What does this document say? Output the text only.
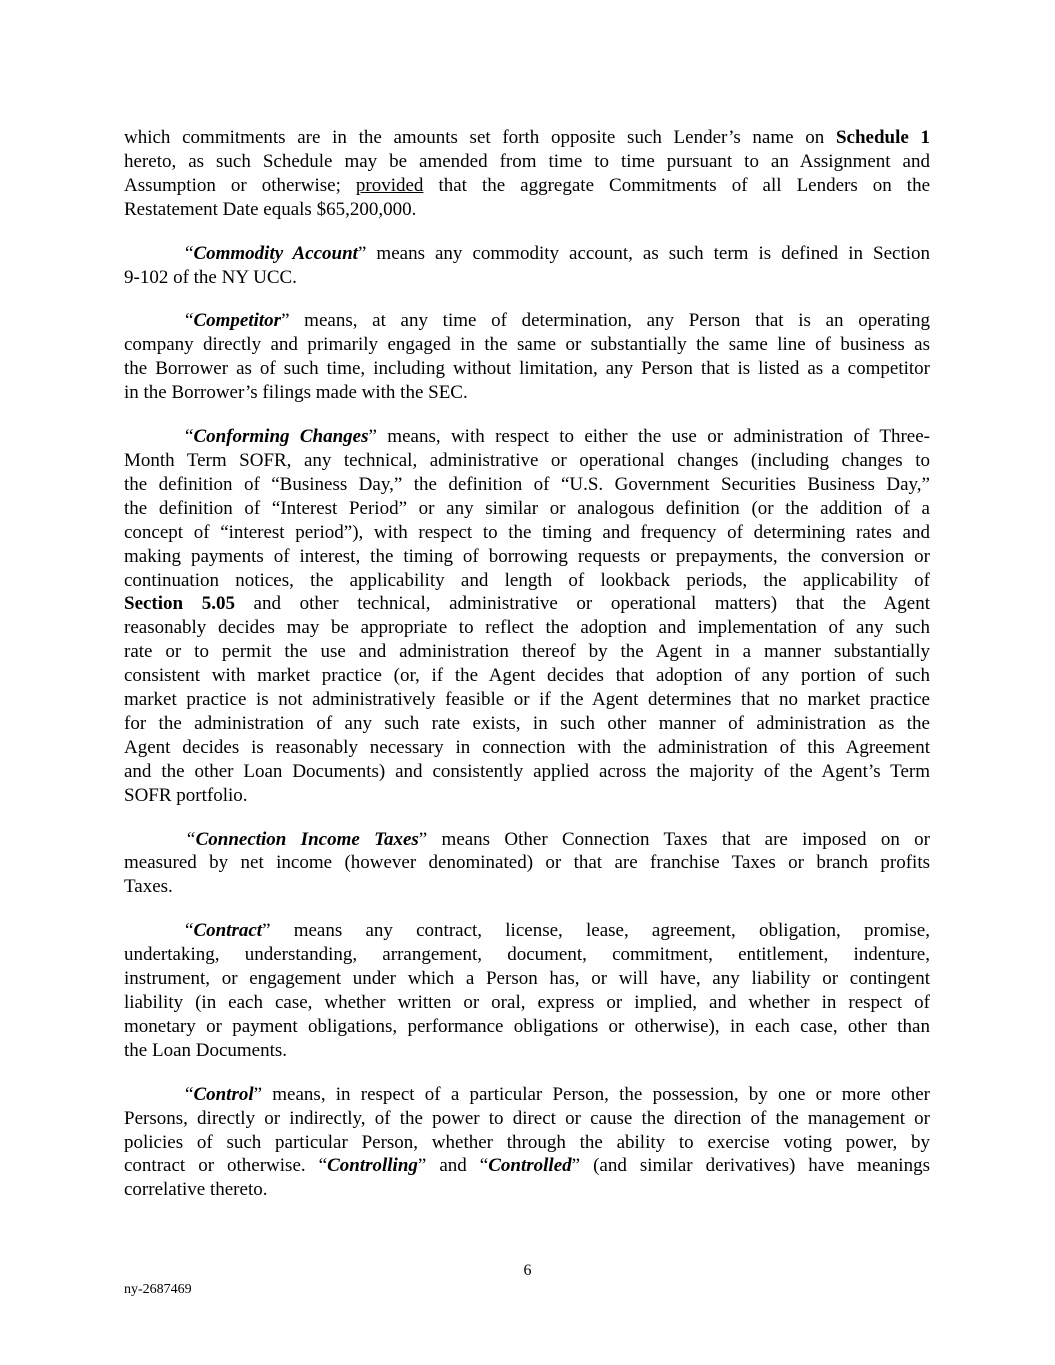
which commitments are in the amounts set forth opposite such Lender’s name on Schedule 1
hereto, as such Schedule may be amended from time to time pursuant to an Assignment and
Assumption or otherwise; provided that the aggregate Commitments of all Lenders on the
Restatement Date equals $65,200,000.

“Commodity Account” means any commodity account, as such term is defined in Section
9-102 of the NY UCC.

“Competitor” means, at any time of determination, any Person that is an operating
company directly and primarily engaged in the same or substantially the same line of business as
the Borrower as of such time, including without limitation, any Person that is listed as a competitor
in the Borrower’s filings made with the SEC.

“Conforming Changes” means, with respect to either the use or administration of Three-
Month Term SOFR, any technical, administrative or operational changes (including changes to
the definition of “Business Day,” the definition of “U.S. Government Securities Business Day,”
the definition of “Interest Period” or any similar or analogous definition (or the addition of a
concept of “interest period”), with respect to the timing and frequency of determining rates and
making payments of interest, the timing of borrowing requests or prepayments, the conversion or
continuation notices, the applicability and length of lookback periods, the applicability of
Section 5.05 and other technical, administrative or operational matters) that the Agent
reasonably decides may be appropriate to reflect the adoption and implementation of any such
rate or to permit the use and administration thereof by the Agent in a manner substantially
consistent with market practice (or, if the Agent decides that adoption of any portion of such
market practice is not administratively feasible or if the Agent determines that no market practice
for the administration of any such rate exists, in such other manner of administration as the
Agent decides is reasonably necessary in connection with the administration of this Agreement
and the other Loan Documents) and consistently applied across the majority of the Agent’s Term
SOFR portfolio.

“Connection Income Taxes” means Other Connection Taxes that are imposed on or
measured by net income (however denominated) or that are franchise Taxes or branch profits
Taxes.

“Contract” means any contract, license, lease, agreement, obligation, promise,
undertaking, understanding, arrangement, document, commitment, entitlement, indenture,
instrument, or engagement under which a Person has, or will have, any liability or contingent
liability (in each case, whether written or oral, express or implied, and whether in respect of
monetary or payment obligations, performance obligations or otherwise), in each case, other than
the Loan Documents.

“Control” means, in respect of a particular Person, the possession, by one or more other
Persons, directly or indirectly, of the power to direct or cause the direction of the management or
policies of such particular Person, whether through the ability to exercise voting power, by
contract or otherwise. “Controlling” and “Controlled” (and similar derivatives) have meanings
correlative thereto.

6
ny-2687469
